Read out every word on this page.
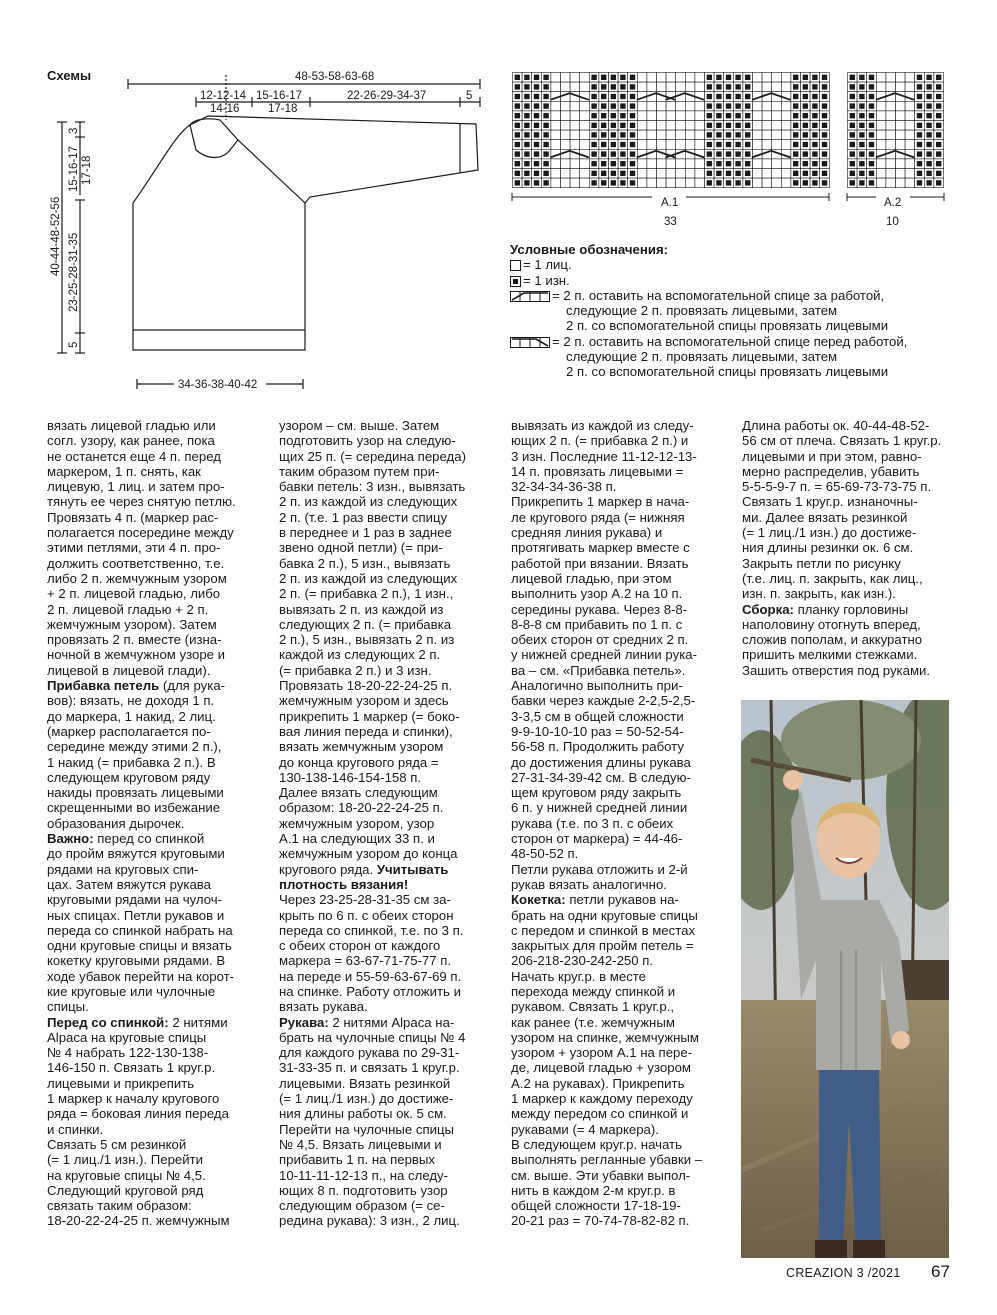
Схемы	48-53-58-63-68
12-12-14
14-16
15-16-17
17-18
22-26-29-34-37	5
34-36-38-40-42
40-44-48-52-56 23-25-28-31-35
5
3
15-16-17 17-18
A.1
33
A.2
10

Условные обозначения:

= 1 лиц.

= 1 изн.

= 2 п. оставить на вспомогательной спице за работой,

следующие 2 п. провязать лицевыми, затем

2 п. со вспомогательной спицы провязать лицевыми

= 2 п. оставить на вспомогательной спице перед работой,

следующие 2 п. провязать лицевыми, затем

2 п. со вспомогательной спицы провязать лицевыми

вязать лицевой гладью или

согл. узору, как ранее, пока

не останется еще 4 п. перед

маркером, 1 п. снять, как

лицевую, 1 лиц. и затем про-

тянуть ее через снятую петлю.

Провязать 4 п. (маркер рас-

полагается посередине между

этими петлями, эти 4 п. про-

должить соответственно, т.е.

либо 2 п. жемчужным узором

+ 2 п. лицевой гладью, либо

2 п. лицевой гладью + 2 п.

жемчужным узором). Затем

провязать 2 п. вместе (изна-

ночной в жемчужном узоре и

лицевой в лицевой глади).

Прибавка петель (для рука-

вов): вязать, не доходя 1 п.

до маркера, 1 накид, 2 лиц.

(маркер располагается по-

середине между этими 2 п.),

1 накид (= прибавка 2 п.). В

следующем круговом ряду

накиды провязать лицевыми

скрещенными во избежание

образования дырочек.

Важно: перед со спинкой

до пройм вяжутся круговыми

рядами на круговых спи-

цах. Затем вяжутся рукава

круговыми рядами на чулоч-

ных спицах. Петли рукавов и

переда со спинкой набрать на

одни круговые спицы и вязать

кокетку круговыми рядами. В

ходе убавок перейти на корот-

кие круговые или чулочные

спицы.

Перед со спинкой: 2 нитями

Alpaca на круговые спицы

№ 4 набрать 122-130-138-

146-150 п. Связать 1 круг.р.

лицевыми и прикрепить

1 маркер к началу кругового

ряда = боковая линия переда

и спинки.

Связать 5 см резинкой

(= 1 лиц./1 изн.). Перейти

на круговые спицы № 4,5.

Следующий круговой ряд

связать таким образом:

18-20-22-24-25 п. жемчужным

узором – см. выше. Затем

подготовить узор на следую-

щих 25 п. (= середина переда)

таким образом путем при-

бавки петель: 3 изн., вывязать

2 п. из каждой из следующих

2 п. (т.е. 1 раз ввести спицу

в переднее и 1 раз в заднее

звено одной петли) (= при-

бавка 2 п.), 5 изн., вывязать

2 п. из каждой из следующих

2 п. (= прибавка 2 п.), 1 изн.,

вывязать 2 п. из каждой из

следующих 2 п. (= прибавка

2 п.), 5 изн., вывязать 2 п. из

каждой из следующих 2 п.

(= прибавка 2 п.) и 3 изн.

Провязать 18-20-22-24-25 п.

жемчужным узором и здесь

прикрепить 1 маркер (= боко-

вая линия переда и спинки),

вязать жемчужным узором

до конца кругового ряда =

130-138-146-154-158 п.

Далее вязать следующим

образом: 18-20-22-24-25 п.

жемчужным узором, узор

A.1 на следующих 33 п. и

жемчужным узором до конца

кругового ряда. Учитывать

плотность вязания!

Через 23-25-28-31-35 см за-

крыть по 6 п. с обеих сторон

переда со спинкой, т.е. по 3 п.

с обеих сторон от каждого

маркера = 63-67-71-75-77 п.

на переде и 55-59-63-67-69 п.

на спинке. Работу отложить и

вязать рукава.

Рукава: 2 нитями Alpaca на-

брать на чулочные спицы № 4

для каждого рукава по 29-31-

31-33-35 п. и связать 1 круг.р.

лицевыми. Вязать резинкой

(= 1 лиц./1 изн.) до достиже-

ния длины работы ок. 5 см.

Перейти на чулочные спицы

№ 4,5. Вязать лицевыми и

прибавить 1 п. на первых

10-11-11-12-13 п., на следу-

ющих 8 п. подготовить узор

следующим образом (= се-

редина рукава): 3 изн., 2 лиц.

вывязать из каждой из следу-

ющих 2 п. (= прибавка 2 п.) и

3 изн. Последние 11-12-12-13-

14 п. провязать лицевыми =

32-34-34-36-38 п.

Прикрепить 1 маркер в нача-

ле кругового ряда (= нижняя

средняя линия рукава) и

протягивать маркер вместе с

работой при вязании. Вязать

лицевой гладью, при этом

выполнить узор A.2 на 10 п.

середины рукава. Через 8-8-

8-8-8 см прибавить по 1 п. с

обеих сторон от средних 2 п.

у нижней средней линии рука-

ва – см. «Прибавка петель».

Аналогично выполнить при-

бавки через каждые 2-2,5-2,5-

3-3,5 см в общей сложности

9-9-10-10-10 раз = 50-52-54-

56-58 п. Продолжить работу

до достижения длины рукава

27-31-34-39-42 см. В следую-

щем круговом ряду закрыть

6 п. у нижней средней линии

рукава (т.е. по 3 п. с обеих

сторон от маркера) = 44-46-

48-50-52 п.

Петли рукава отложить и 2-й

рукав вязать аналогично.

Кокетка: петли рукавов на-

брать на одни круговые спицы

с передом и спинкой в местах

закрытых для пройм петель =

206-218-230-242-250 п.

Начать круг.р. в месте

перехода между спинкой и

рукавом. Связать 1 круг.р.,

как ранее (т.е. жемчужным

узором на спинке, жемчужным

узором + узором A.1 на пере-

де, лицевой гладью + узором

A.2 на рукавах). Прикрепить

1 маркер к каждому переходу

между передом со спинкой и

рукавами (= 4 маркера).

В следующем круг.р. начать

выполнять регланные убавки –

см. выше. Эти убавки выпол-

нить в каждом 2-м круг.р. в

общей сложности 17-18-19-

20-21 раз = 70-74-78-82-82 п.

Длина работы ок. 40-44-48-52-

56 см от плеча. Связать 1 круг.р.

лицевыми и при этом, равно-

мерно распределив, убавить

5-5-5-9-7 п. = 65-69-73-73-75 п.

Связать 1 круг.р. изнаночны-

ми. Далее вязать резинкой

(= 1 лиц./1 изн.) до достиже-

ния длины резинки ок. 6 см.

Закрыть петли по рисунку

(т.е. лиц. п. закрыть, как лиц.,

изн. п. закрыть, как изн.).

Сборка: планку горловины

наполовину отогнуть вперед,

сложив пополам, и аккуратно

пришить мелкими стежками.

Зашить отверстия под руками.

CREAZION 3 /2021 67
